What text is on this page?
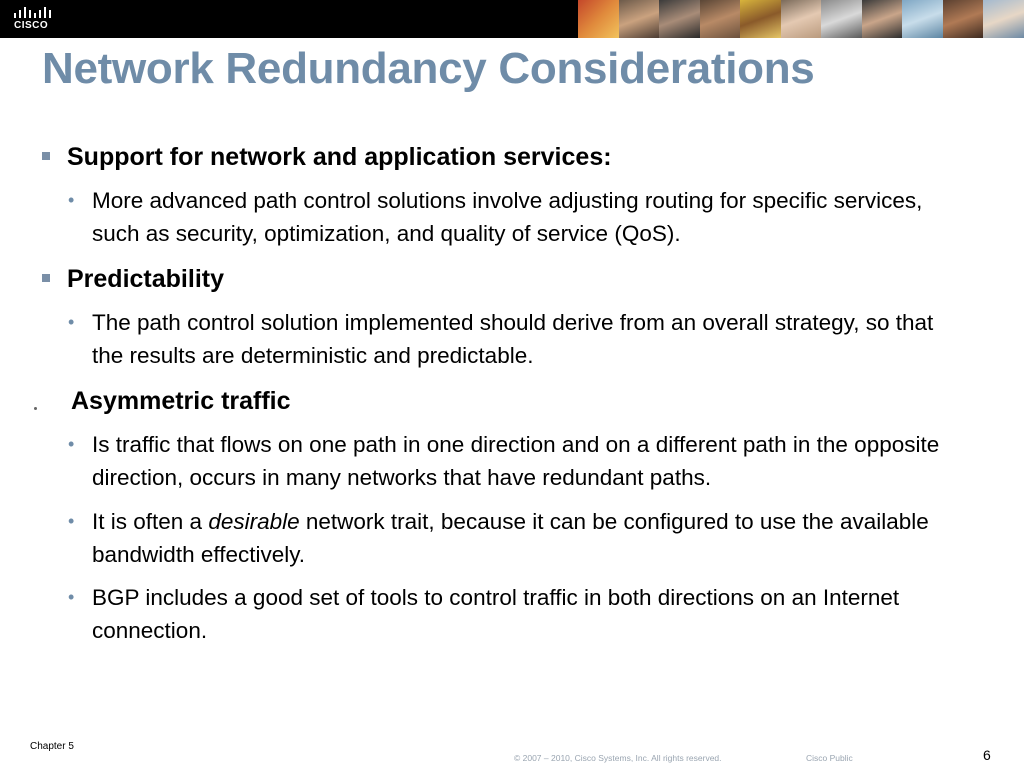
CISCO
Network Redundancy Considerations
Support for network and application services:
• More advanced path control solutions involve adjusting routing for specific services, such as security, optimization, and quality of service (QoS).
Predictability
• The path control solution implemented should derive from an overall strategy, so that the results are deterministic and predictable.
Asymmetric traffic
• Is traffic that flows on one path in one direction and on a different path in the opposite direction, occurs in many networks that have redundant paths.
• It is often a desirable network trait, because it can be configured to use the available bandwidth effectively.
• BGP includes a good set of tools to control traffic in both directions on an Internet connection.
Chapter 5
© 2007 – 2010, Cisco Systems, Inc. All rights reserved.	Cisco Public	6
